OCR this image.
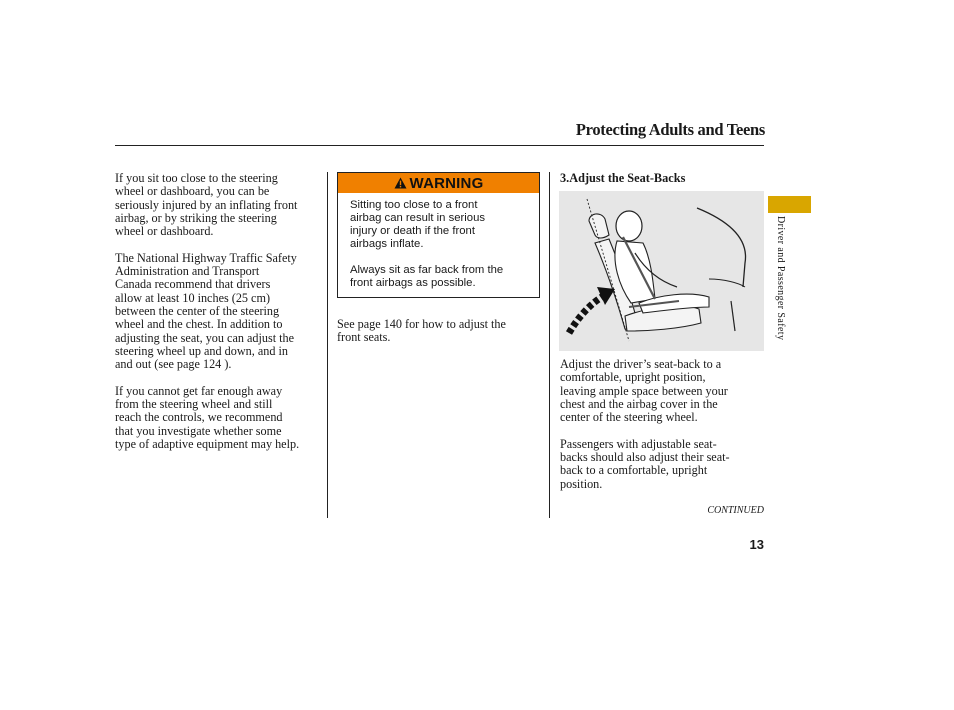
Protecting Adults and Teens

If you sit too close to the steering
wheel or dashboard, you can be
seriously injured by an inflating front
airbag, or by striking the steering
wheel or dashboard.

The National Highway Traffic Safety
Administration and Transport
Canada recommend that drivers
allow at least 10 inches (25 cm)
between the center of the steering
wheel and the chest. In addition to
adjusting the seat, you can adjust the
steering wheel up and down, and in
and out (see page 124 ).

If you cannot get far enough away
from the steering wheel and still
reach the controls, we recommend
that you investigate whether some
type of adaptive equipment may help.

WARNING

Sitting too close to a front
airbag can result in serious
injury or death if the front
airbags inflate.

Always sit as far back from the
front airbags as possible.

See page 140 for how to adjust the
front seats.

3.Adjust the Seat-Backs
Driver and Passenger Safety

Adjust the driver’s seat-back to a
comfortable, upright position,
leaving ample space between your
chest and the airbag cover in the
center of the steering wheel.

Passengers with adjustable seat-
backs should also adjust their seat-
back to a comfortable, upright
position.

CONTINUED
13
